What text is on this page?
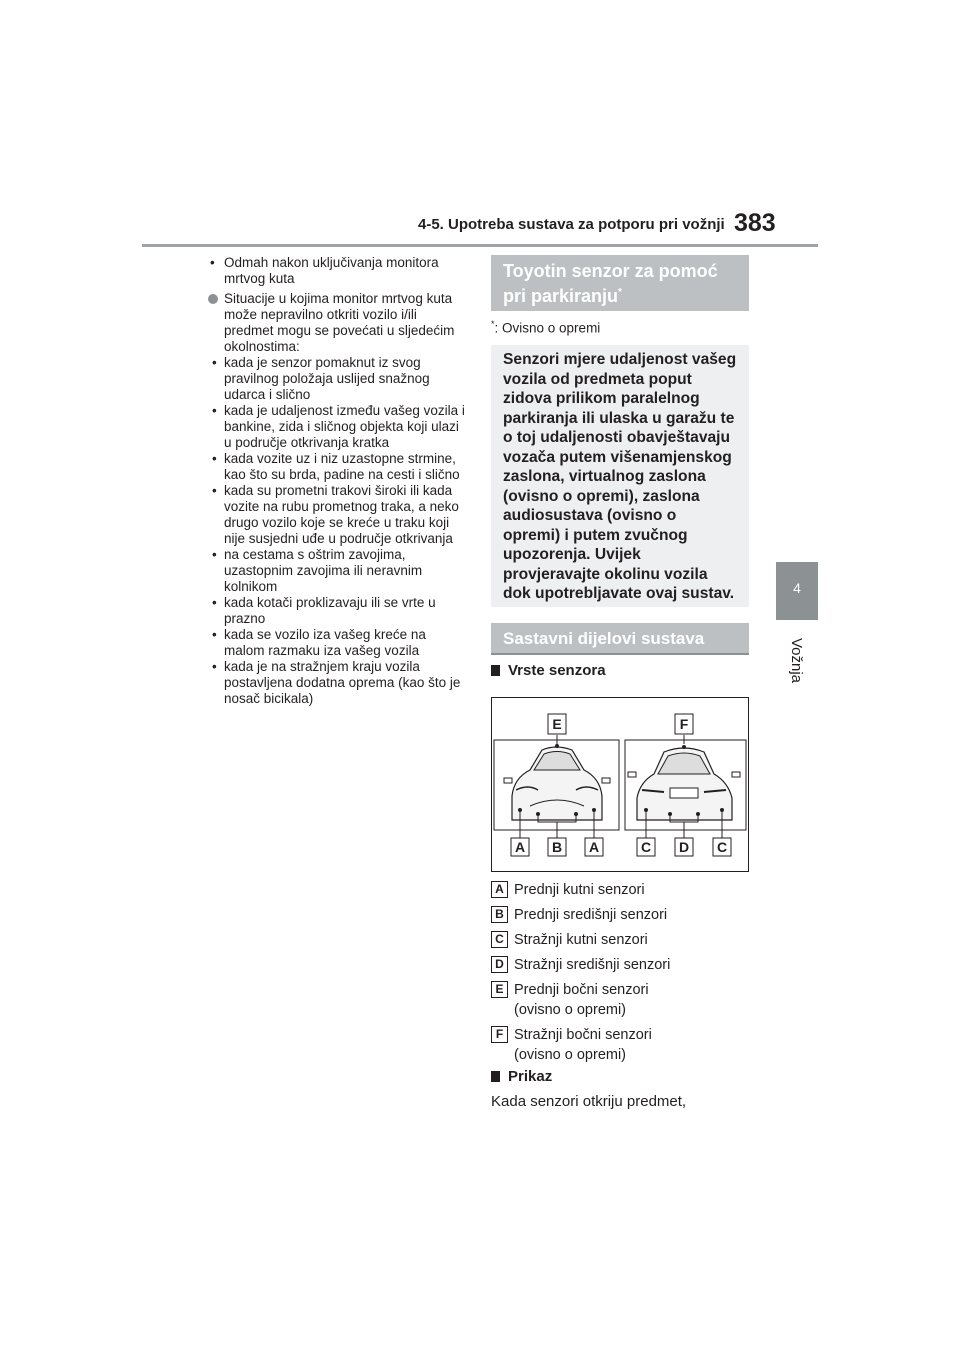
4-5. Upotreba sustava za potporu pri vožnji 383
4
Vožnja
• Odmah nakon uključivanja monitora mrtvog kuta
Situacije u kojima monitor mrtvog kuta može nepravilno otkriti vozilo i/ili predmet mogu se povećati u sljedećim okolnostima:
• kada je senzor pomaknut iz svog pravilnog položaja uslijed snažnog udarca i slično
• kada je udaljenost između vašeg vozila i bankine, zida i sličnog objekta koji ulazi u područje otkrivanja kratka
• kada vozite uz i niz uzastopne strmine, kao što su brda, padine na cesti i slično
• kada su prometni trakovi široki ili kada vozite na rubu prometnog traka, a neko drugo vozilo koje se kreće u traku koji nije susjedni uđe u područje otkrivanja
• na cestama s oštrim zavojima, uzastopnim zavojima ili neravnim kolnikom
• kada kotači proklizavaju ili se vrte u prazno
• kada se vozilo iza vašeg kreće na malom razmaku iza vašeg vozila
• kada je na stražnjem kraju vozila postavljena dodatna oprema (kao što je nosač bicikala)
Toyotin senzor za pomoć
pri parkiranju*
*: Ovisno o opremi
Senzori mjere udaljenost vašeg vozila od predmeta poput zidova prilikom paralelnog parkiranja ili ulaska u garažu te o toj udaljenosti obavještavaju vozača putem višenamjenskog zaslona, virtualnog zaslona (ovisno o opremi), zaslona audiosustava (ovisno o opremi) i putem zvučnog upozorenja. Uvijek provjeravajte okolinu vozila dok upotrebljavate ovaj sustav.
Sastavni dijelovi sustava
Vrste senzora
E	F
A B A	C D C
A Prednji kutni senzori
B Prednji središnji senzori
C Stražnji kutni senzori
D Stražnji središnji senzori
E Prednji bočni senzori (ovisno o opremi)
F Stražnji bočni senzori (ovisno o opremi)
Prikaz
Kada senzori otkriju predmet,
